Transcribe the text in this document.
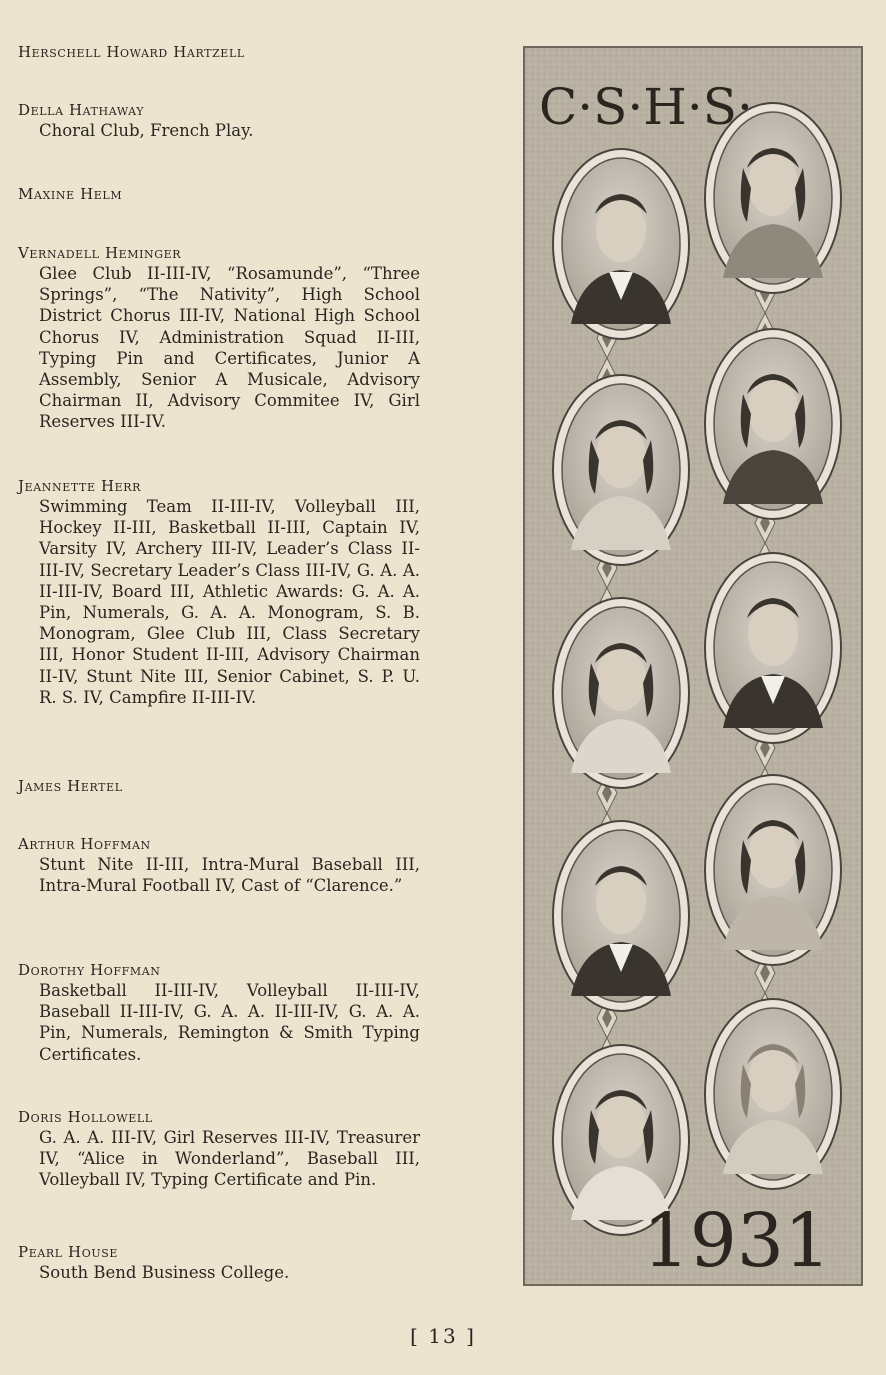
Herschell Howard Hartzell
Della Hathaway
Choral Club, French Play.
Maxine Helm
Vernadell Heminger
Glee Club II-III-IV, “Rosamunde”, “Three Springs”, “The Nativity”, High School District Chorus III-IV, National High School Chorus IV, Administration Squad II-III, Typing Pin and Certificates, Junior A Assembly, Senior A Musicale, Advisory Chairman II, Advisory Commitee IV, Girl Reserves III-IV.
Jeannette Herr
Swimming Team II-III-IV, Volleyball III, Hockey II-III, Basketball II-III, Captain IV, Varsity IV, Archery III-IV, Leader’s Class II-III-IV, Secretary Leader’s Class III-IV, G. A. A. II-III-IV, Board III, Athletic Awards: G. A. A. Pin, Numerals, G. A. A. Monogram, S. B. Monogram, Glee Club III, Class Secretary III, Honor Student II-III, Advisory Chairman II-IV, Stunt Nite III, Senior Cabinet, S. P. U. R. S. IV, Campfire II-III-IV.
James Hertel
Arthur Hoffman
Stunt Nite II-III, Intra-Mural Baseball III, Intra-Mural Football IV, Cast of “Clarence.”
Dorothy Hoffman
Basketball II-III-IV, Volleyball II-III-IV, Baseball II-III-IV, G. A. A. II-III-IV, G. A. A. Pin, Numerals, Remington & Smith Typing Certificates.
Doris Hollowell
G. A. A. III-IV, Girl Reserves III-IV, Treasurer IV, “Alice in Wonderland”, Baseball III, Volleyball IV, Typing Certificate and Pin.
Pearl House
South Bend Business College.
C·S·H·S·
1931
[ 13 ]
